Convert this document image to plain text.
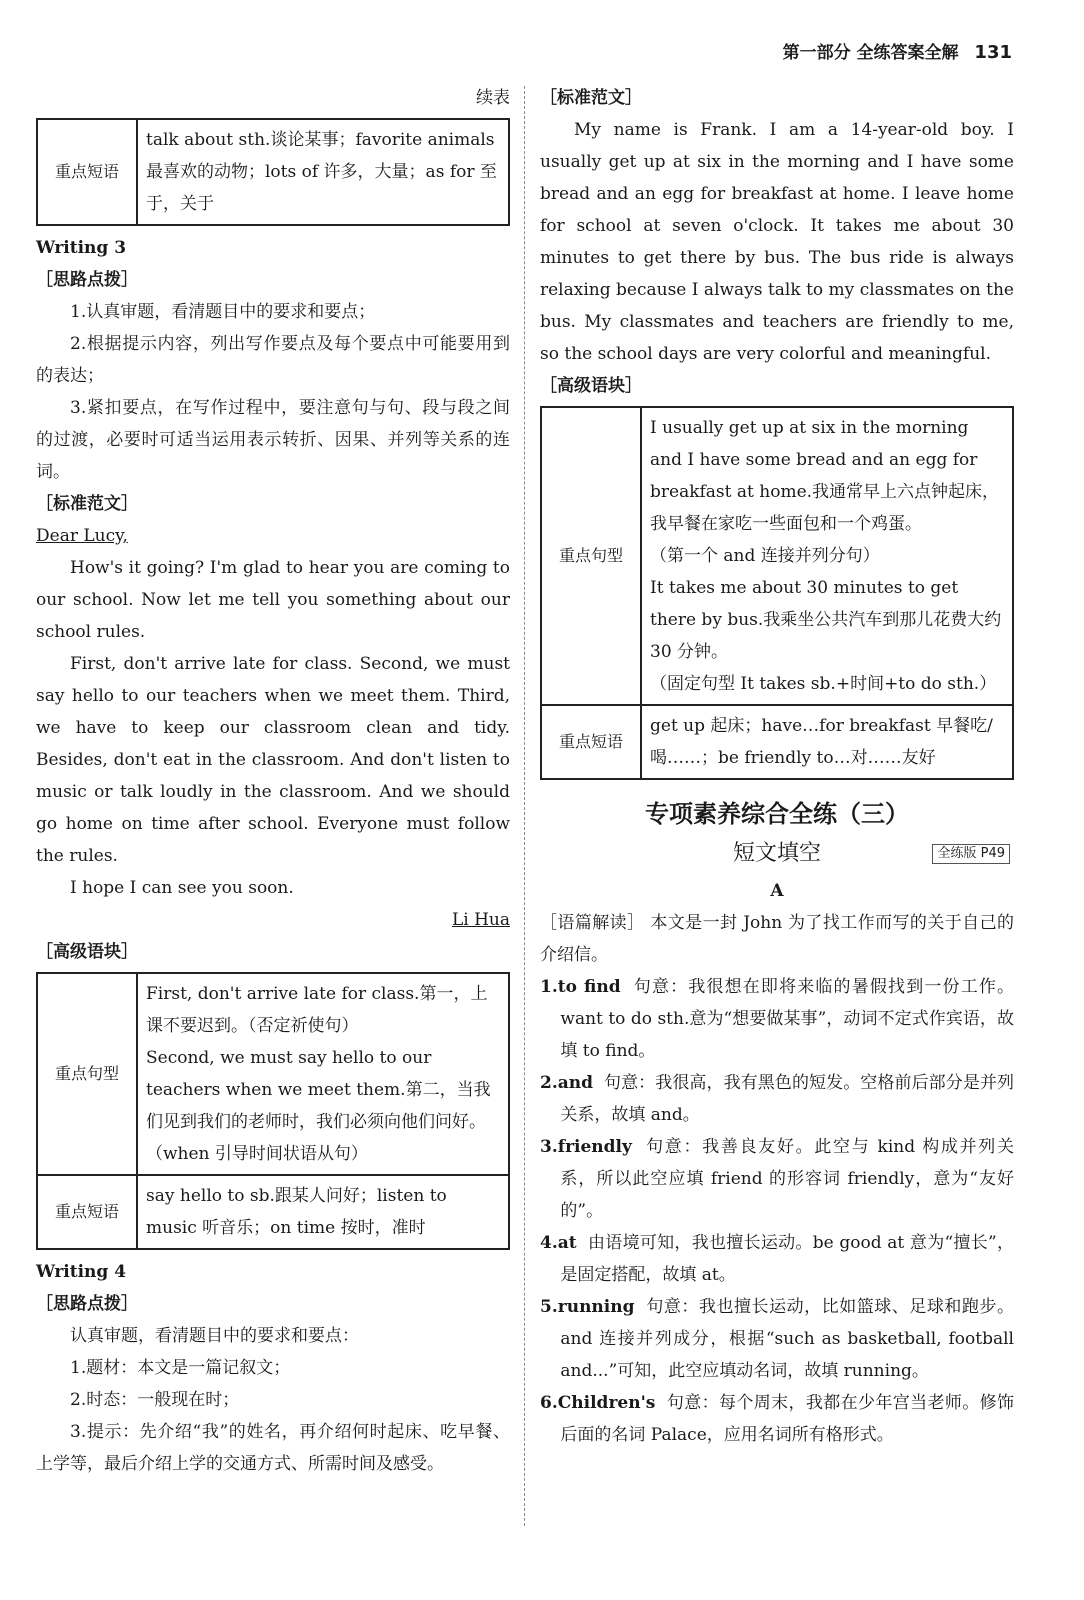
第一部分 全练答案全解 131

续表

重点短语	talk about sth.谈论某事；favorite animals 最喜欢的动物；lots of 许多，大量；as for 至于，关于

Writing 3

［思路点拨］

1.认真审题，看清题目中的要求和要点；

2.根据提示内容，列出写作要点及每个要点中可能要用到的表达；

3.紧扣要点，在写作过程中，要注意句与句、段与段之间的过渡，必要时可适当运用表示转折、因果、并列等关系的连词。

［标准范文］

Dear Lucy,

How's it going? I'm glad to hear you are coming to our school. Now let me tell you something about our school rules.

First, don't arrive late for class. Second, we must say hello to our teachers when we meet them. Third, we have to keep our classroom clean and tidy. Besides, don't eat in the classroom. And don't listen to music or talk loudly in the classroom. And we should go home on time after school. Everyone must follow the rules.

I hope I can see you soon.

Li Hua

［高级语块］

重点句型	First, don't arrive late for class.第一，上课不要迟到。（否定祈使句）
Second, we must say hello to our teachers when we meet them.第二，当我们见到我们的老师时，我们必须向他们问好。
（when 引导时间状语从句）

重点短语	say hello to sb.跟某人问好；listen to music 听音乐；on time 按时，准时

Writing 4

［思路点拨］

认真审题，看清题目中的要求和要点：

1.题材：本文是一篇记叙文；

2.时态：一般现在时；

3.提示：先介绍“我”的姓名，再介绍何时起床、吃早餐、上学等，最后介绍上学的交通方式、所需时间及感受。

［标准范文］

My name is Frank. I am a 14-year-old boy. I usually get up at six in the morning and I have some bread and an egg for breakfast at home. I leave home for school at seven o'clock. It takes me about 30 minutes to get there by bus. The bus ride is always relaxing because I always talk to my classmates on the bus. My classmates and teachers are friendly to me, so the school days are very colorful and meaningful.

［高级语块］

重点句型	I usually get up at six in the morning and I have some bread and an egg for breakfast at home.我通常早上六点钟起床，我早餐在家吃一些面包和一个鸡蛋。
（第一个 and 连接并列分句）
It takes me about 30 minutes to get there by bus.我乘坐公共汽车到那儿花费大约 30 分钟。
（固定句型 It takes sb.+时间+to do sth.）

重点短语	get up 起床；have…for breakfast 早餐吃/喝……；be friendly to…对……友好
专项素养综合全练（三）
短文填空	全练版 P49

A

［语篇解读］ 本文是一封 John 为了找工作而写的关于自己的介绍信。

1.to find 句意：我很想在即将来临的暑假找到一份工作。want to do sth.意为“想要做某事”，动词不定式作宾语，故填 to find。

2.and 句意：我很高，我有黑色的短发。空格前后部分是并列关系，故填 and。

3.friendly 句意：我善良友好。此空与 kind 构成并列关系，所以此空应填 friend 的形容词 friendly，意为“友好的”。

4.at 由语境可知，我也擅长运动。be good at 意为“擅长”，是固定搭配，故填 at。

5.running 句意：我也擅长运动，比如篮球、足球和跑步。and 连接并列成分，根据“such as basketball, football and...”可知，此空应填动名词，故填 running。

6.Children's 句意：每个周末，我都在少年宫当老师。修饰后面的名词 Palace，应用名词所有格形式。
